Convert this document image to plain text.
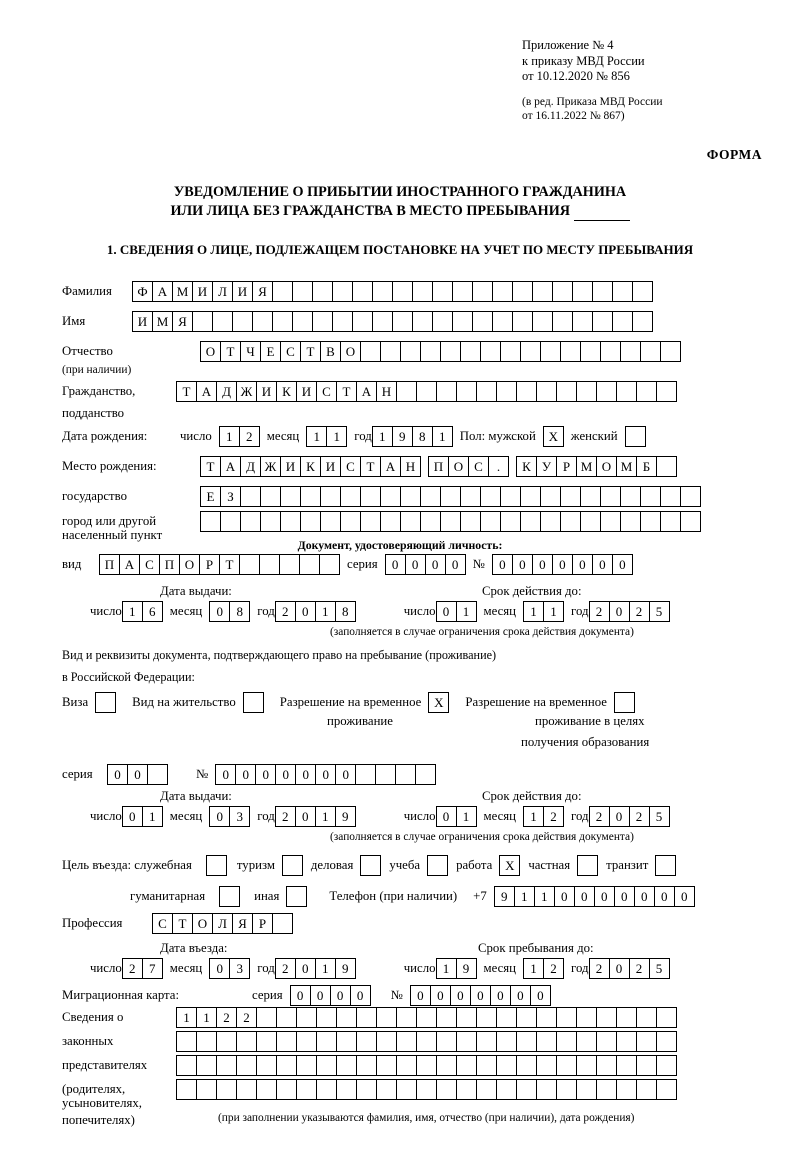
Приложение № 4
к приказу МВД России
от 10.12.2020 № 856
(в ред. Приказа МВД России
от 16.11.2022 № 867)
ФОРМА
УВЕДОМЛЕНИЕ О ПРИБЫТИИ ИНОСТРАННОГО ГРАЖДАНИНА
ИЛИ ЛИЦА БЕЗ ГРАЖДАНСТВА В МЕСТО ПРЕБЫВАНИЯ
1. СВЕДЕНИЯ О ЛИЦЕ, ПОДЛЕЖАЩЕМ ПОСТАНОВКЕ НА УЧЕТ ПО МЕСТУ ПРЕБЫВАНИЯ
Фамилия	Ф А М И Л И Я
Имя	И М Я
Отчество	О Т Ч Е С Т В О
(при наличии)
Гражданство,	Т А Д Ж И К И С Т А Н
подданство
Дата рождения:	число	1	2	месяц	1	1	год 1	9	8	1	Пол: мужской X	женский
Место рождения:	Т А Д Ж И К И С Т А Н	П О С	.	К У Р М О М Б
государство	Е З
город или другой
населенный пункт
Документ, удостоверяющий личность:
вид	П А С П О Р Т	серия	0	0	0	0	№	0	0	0	0	0	0	0
Дата выдачи:	Срок действия до:
число 1	6	месяц	0	8	год 2	0	1	8	число 0	1	месяц	1	1	год 2	0	2	5
(заполняется в случае ограничения срока действия документа)
Вид и реквизиты документа, подтверждающего право на пребывание (проживание)
в Российской Федерации:
Виза	Вид на жительство	Разрешение на временное X	Разрешение на временное
проживание	проживание в целях
получения образования
серия	0	0	№	0	0	0	0	0	0	0
Дата выдачи:	Срок действия до:
число 0	1	месяц	0	3	год 2	0	1	9	число 0	1	месяц	1	2	год 2	0	2	5
(заполняется в случае ограничения срока действия документа)
Цель въезда: служебная	туризм	деловая	учеба	работа X	частная	транзит
гуманитарная	иная	Телефон (при наличии) +7	9	1	1	0	0	0	0	0	0	0
Профессия	С Т О Л Я Р
Дата въезда:	Срок пребывания до:
число 2	7	месяц	0	3	год 2	0	1	9	число 1	9	месяц	1	2	год 2	0	2	5
Миграционная карта:	серия	0	0	0	0	№	0	0	0	0	0	0	0
Сведения о	1	1	2	2
законных
представителях
(родителях,
усыновителях,
попечителях)	(при заполнении указываются фамилия, имя, отчество (при наличии), дата рождения)
